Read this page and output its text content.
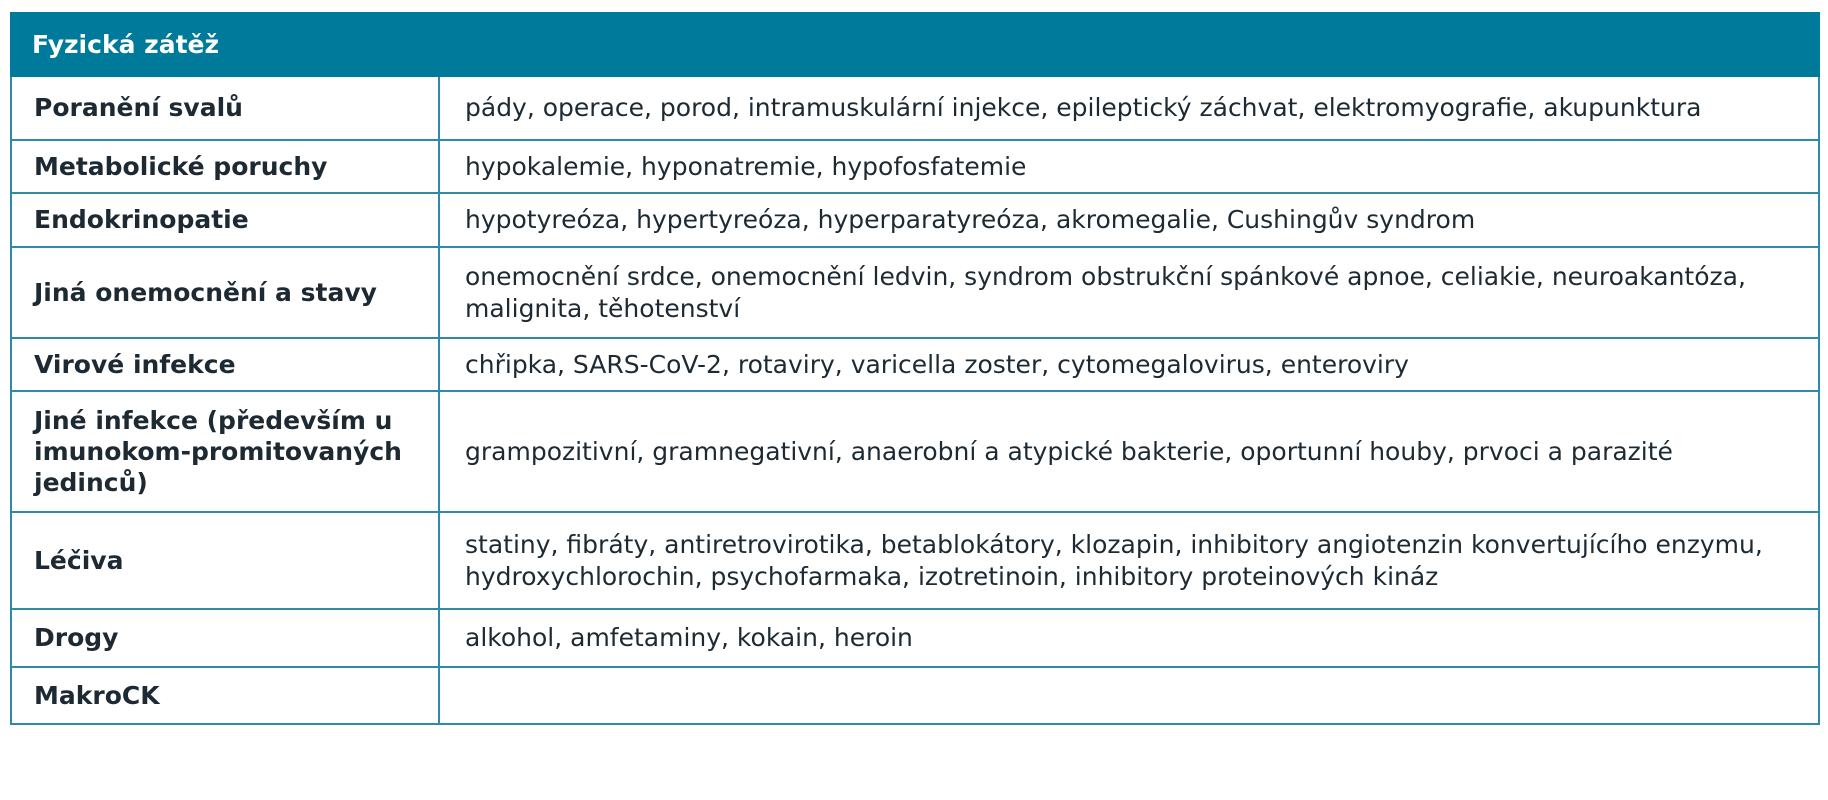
Fyzická zátěž	
Poranění svalů	pády, operace, porod, intramuskulární injekce, epileptický záchvat, elektromyografie, akupunktura
Metabolické poruchy	hypokalemie, hyponatremie, hypofosfatemie
Endokrinopatie	hypotyreóza, hypertyreóza, hyperparatyreóza, akromegalie, Cushingův syndrom
Jiná onemocnění a stavy	onemocnění srdce, onemocnění ledvin, syndrom obstrukční spánkové apnoe, celiakie, neuroakantóza, malignita, těhotenství
Virové infekce	chřipka, SARS-CoV-2, rotaviry, varicella zoster, cytomegalovirus, enteroviry
Jiné infekce (především u imunokom-promitovaných jedinců)	grampozitivní, gramnegativní, anaerobní a atypické bakterie, oportunní houby, prvoci a parazité
Léčiva	statiny, fibráty, antiretrovirotika, betablokátory, klozapin, inhibitory angiotenzin konvertujícího enzymu, hydroxychlorochin, psychofarmaka, izotretinoin, inhibitory proteinových kináz
Drogy	alkohol, amfetaminy, kokain, heroin
MakroCK	
